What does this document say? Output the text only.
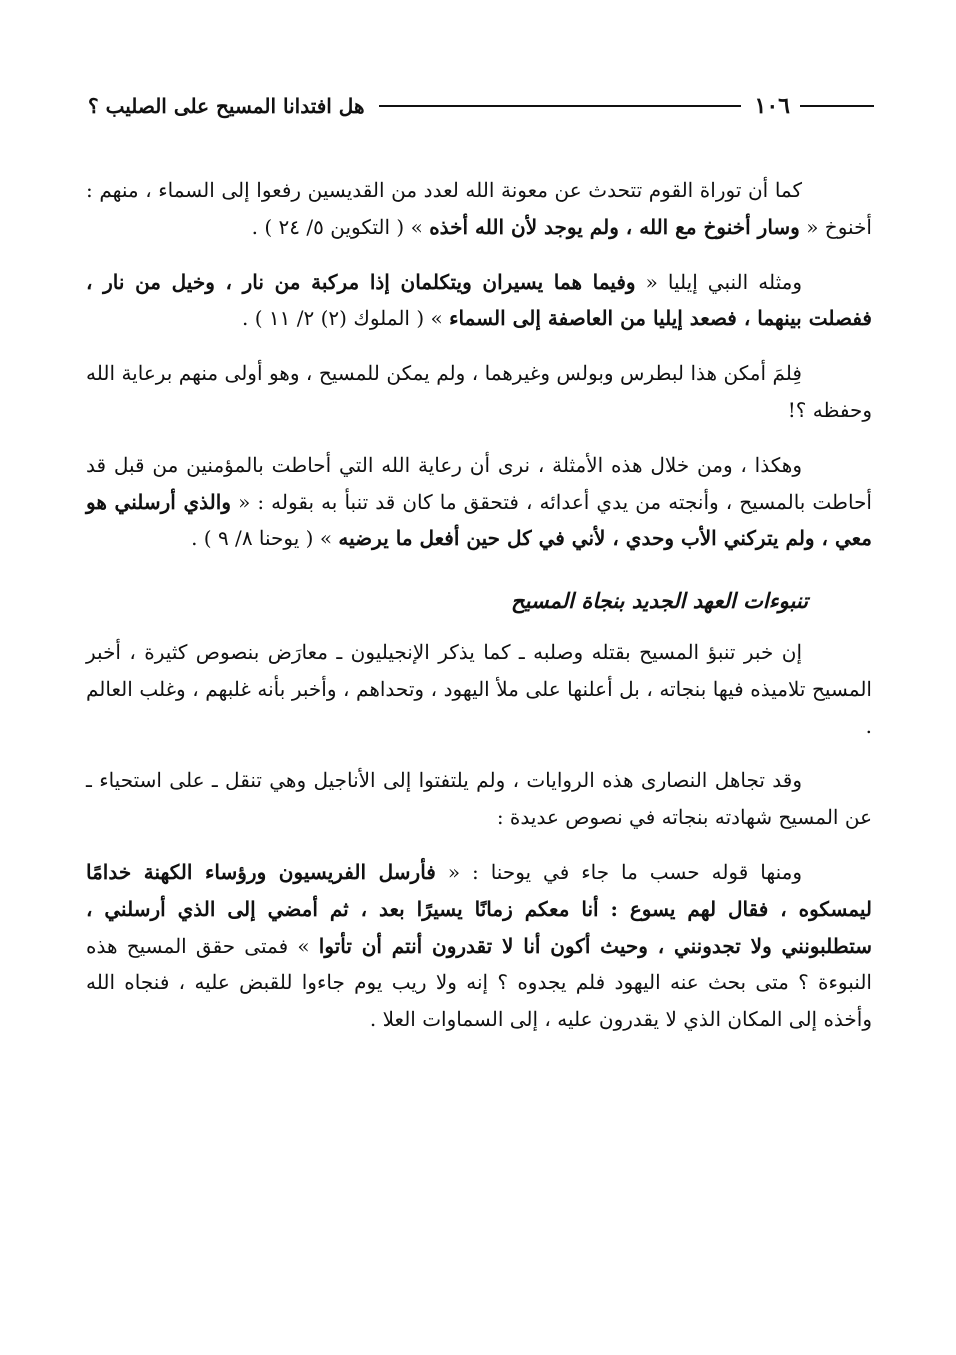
١٠٦
هل افتدانا المسيح على الصليب ؟

كما أن توراة القوم تتحدث عن معونة الله لعدد من القديسين رفعوا إلى السماء ، منهم : أخنوخ « وسار أخنوخ مع الله ، ولم يوجد لأن الله أخذه » ( التكوين ٥/ ٢٤ ) .

ومثله النبي إيليا « وفيما هما يسيران ويتكلمان إذا مركبة من نار ، وخيل من نار ، ففصلت بينهما ، فصعد إيليا من العاصفة إلى السماء » ( الملوك (٢) ٢/ ١١ ) .

فِلمَ أمكن هذا لبطرس وبولس وغيرهما ، ولم يمكن للمسيح ، وهو أولى منهم برعاية الله وحفظه ؟!

وهكذا ، ومن خلال هذه الأمثلة ، نرى أن رعاية الله التي أحاطت بالمؤمنين من قبل قد أحاطت بالمسيح ، وأنجته من يدي أعدائه ، فتحقق ما كان قد تنبأ به بقوله : « والذي أرسلني هو معي ، ولم يتركني الأب وحدي ، لأني في كل حين أفعل ما يرضيه » ( يوحنا ٨/ ٩ ) .

تنبوءات العهد الجديد بنجاة المسيح

إن خبر تنبؤ المسيح بقتله وصلبه ـ كما يذكر الإنجيليون ـ معارَض بنصوص كثيرة ، أخبر المسيح تلاميذه فيها بنجاته ، بل أعلنها على ملأ اليهود ، وتحداهم ، وأخبر بأنه غلبهم ، وغلب العالم .

وقد تجاهل النصارى هذه الروايات ، ولم يلتفتوا إلى الأناجيل وهي تنقل ـ على استحياء ـ عن المسيح شهادته بنجاته في نصوص عديدة :

ومنها قوله حسب ما جاء في يوحنا : « فأرسل الفريسيون ورؤساء الكهنة خدامًا ليمسكوه ، فقال لهم يسوع : أنا معكم زمانًا يسيرًا بعد ، ثم أمضي إلى الذي أرسلني ، ستطلبونني ولا تجدونني ، وحيث أكون أنا لا تقدرون أنتم أن تأتوا » فمتى حقق المسيح هذه النبوءة ؟ متى بحث عنه اليهود فلم يجدوه ؟ إنه ولا ريب يوم جاءوا للقبض عليه ، فنجاه الله وأخذه إلى المكان الذي لا يقدرون عليه ، إلى السماوات العلا .
